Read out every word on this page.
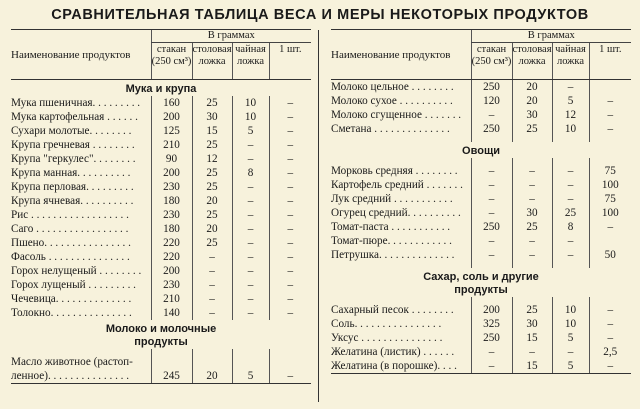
СРАВНИТЕЛЬНАЯ ТАБЛИЦА ВЕСА И МЕРЫ НЕКОТОРЫХ ПРОДУКТОВ
Наименование продуктов	В граммах			
	стакан (250 см³)	столовая ложка	чайная ложка	1 шт.
Мука и крупа				
Мука пшеничная. . . . . . . . .	160	25	10	–
Мука картофельная . . . . . .	200	30	10	–
Сухари молотые. . . . . . . .	125	15	5	–
Крупа гречневая . . . . . . . .	210	25	–	–
Крупа "геркулес". . . . . . . .	90	12	–	–
Крупа манная. . . . . . . . . .	200	25	8	–
Крупа перловая. . . . . . . . .	230	25	–	–
Крупа ячневая. . . . . . . . . .	180	20	–	–
Рис . . . . . . . . . . . . . . . . . .	230	25	–	–
Саго . . . . . . . . . . . . . . . . .	180	20	–	–
Пшено. . . . . . . . . . . . . . . .	220	25	–	–
Фасоль . . . . . . . . . . . . . . .	220	–	–	–
Горох нелущеный . . . . . . . .	200	–	–	–
Горох лущеный . . . . . . . . .	230	–	–	–
Чечевица. . . . . . . . . . . . . .	210	–	–	–
Толокно. . . . . . . . . . . . . . .	140	–	–	–
Молоко и молочные
продукты				

Масло животное (растоп-				
ленное). . . . . . . . . . . . . . .	245	20	5	–
Наименование продуктов	В граммах			
	стакан (250 см³)	столовая ложка	чайная ложка	1 шт.
Молоко цельное . . . . . . . .	250	20	–	
Молоко сухое . . . . . . . . . .	120	20	5	–
Молоко сгущенное . . . . . . .	–	30	12	–
Сметана . . . . . . . . . . . . . .	250	25	10	–

Овощи				

Морковь средняя . . . . . . . .	–	–	–	75
Картофель средний . . . . . . .	–	–	–	100
Лук средний . . . . . . . . . . .	–	–	–	75
Огурец средний. . . . . . . . . .	–	30	25	100
Томат-паста . . . . . . . . . . .	250	25	8	–
Томат-пюре. . . . . . . . . . . .	–	–	–	
Петрушка. . . . . . . . . . . . . .	–	–	–	50

Сахар, соль и другие
продукты				

Сахарный песок . . . . . . . .	200	25	10	–
Соль. . . . . . . . . . . . . . . .	325	30	10	–
Уксус . . . . . . . . . . . . . . .	250	15	5	–
Желатина (листик) . . . . . .	–	–	–	2,5
Желатина (в порошке). . . .	–	15	5	–
